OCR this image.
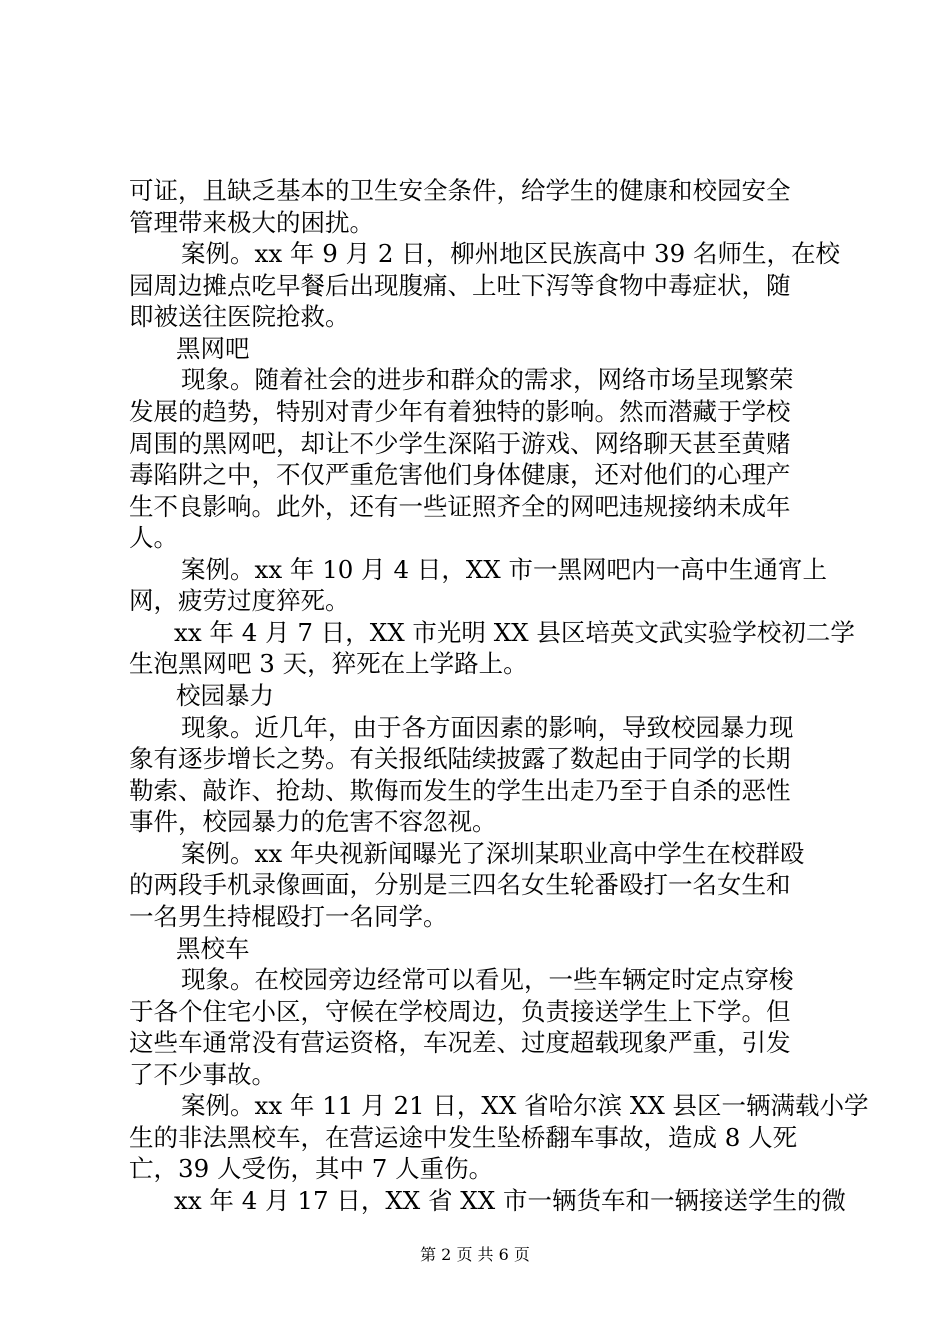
可证，且缺乏基本的卫生安全条件，给学生的健康和校园安全
管理带来极大的困扰。
案例。xx 年 9 月 2 日，柳州地区民族高中 39 名师生，在校
园周边摊点吃早餐后出现腹痛、上吐下泻等食物中毒症状，随
即被送往医院抢救。
黑网吧
现象。随着社会的进步和群众的需求，网络市场呈现繁荣
发展的趋势，特别对青少年有着独特的影响。然而潜藏于学校
周围的黑网吧，却让不少学生深陷于游戏、网络聊天甚至黄赌
毒陷阱之中，不仅严重危害他们身体健康，还对他们的心理产
生不良影响。此外，还有一些证照齐全的网吧违规接纳未成年
人。
案例。xx 年 10 月 4 日，XX 市一黑网吧内一高中生通宵上
网，疲劳过度猝死。
xx 年 4 月 7 日，XX 市光明 XX 县区培英文武实验学校初二学
生泡黑网吧 3 天，猝死在上学路上。
校园暴力
现象。近几年，由于各方面因素的影响，导致校园暴力现
象有逐步增长之势。有关报纸陆续披露了数起由于同学的长期
勒索、敲诈、抢劫、欺侮而发生的学生出走乃至于自杀的恶性
事件，校园暴力的危害不容忽视。
案例。xx 年央视新闻曝光了深圳某职业高中学生在校群殴
的两段手机录像画面，分别是三四名女生轮番殴打一名女生和
一名男生持棍殴打一名同学。
黑校车
现象。在校园旁边经常可以看见，一些车辆定时定点穿梭
于各个住宅小区，守候在学校周边，负责接送学生上下学。但
这些车通常没有营运资格，车况差、过度超载现象严重，引发
了不少事故。
案例。xx 年 11 月 21 日，XX 省哈尔滨 XX 县区一辆满载小学
生的非法黑校车，在营运途中发生坠桥翻车事故，造成 8 人死
亡，39 人受伤，其中 7 人重伤。
xx 年 4 月 17 日，XX 省 XX 市一辆货车和一辆接送学生的微
第 2 页 共 6 页
